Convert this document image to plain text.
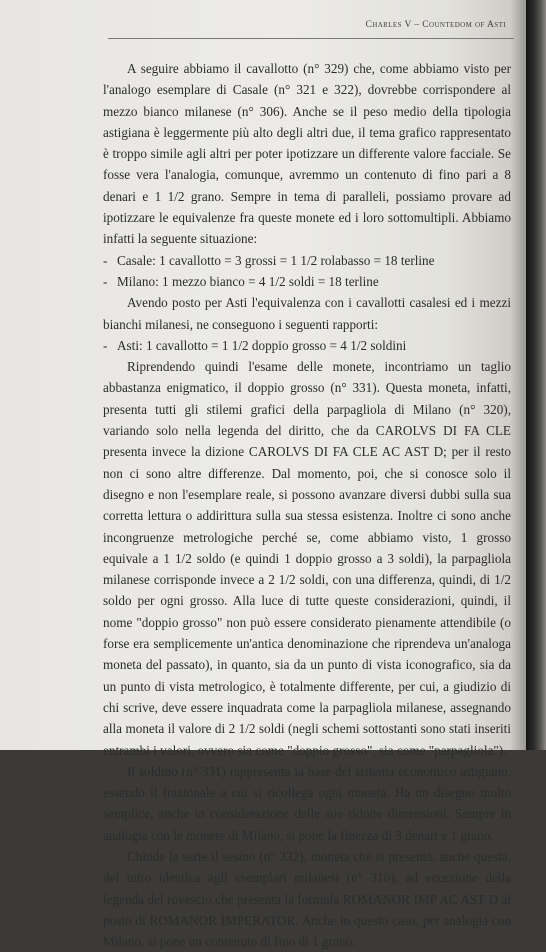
Charles V – Countedom of Asti

A seguire abbiamo il cavallotto (n° 329) che, come abbiamo visto per l'analogo esemplare di Casale (n° 321 e 322), dovrebbe corrispondere al mezzo bianco milanese (n° 306). Anche se il peso medio della tipologia astigiana è leggermente più alto degli altri due, il tema grafico rappresentato è troppo simile agli altri per poter ipotizzare un differente valore facciale. Se fosse vera l'analogia, comunque, avremmo un contenuto di fino pari a 8 denari e 1 1/2 grano. Sempre in tema di paralleli, possiamo provare ad ipotizzare le equivalenze fra queste monete ed i loro sottomultipli. Abbiamo infatti la seguente situazione:

- Casale: 1 cavallotto = 3 grossi = 1 1/2 rolabasso = 18 terline
- Milano: 1 mezzo bianco = 4 1/2 soldi = 18 terline

Avendo posto per Asti l'equivalenza con i cavallotti casalesi ed i mezzi bianchi milanesi, ne conseguono i seguenti rapporti:

- Asti: 1 cavallotto = 1 1/2 doppio grosso = 4 1/2 soldini

Riprendendo quindi l'esame delle monete, incontriamo un taglio abbastanza enigmatico, il doppio grosso (n° 331). Questa moneta, infatti, presenta tutti gli stilemi grafici della parpagliola di Milano (n° 320), variando solo nella legenda del diritto, che da CAROLVS DI FA CLE presenta invece la dizione CAROLVS DI FA CLE AC AST D; per il resto non ci sono altre differenze. Dal momento, poi, che si conosce solo il disegno e non l'esemplare reale, si possono avanzare diversi dubbi sulla sua corretta lettura o addirittura sulla sua stessa esistenza. Inoltre ci sono anche incongruenze metrologiche perché se, come abbiamo visto, 1 grosso equivale a 1 1/2 soldo (e quindi 1 doppio grosso a 3 soldi), la parpagliola milanese corrisponde invece a 2 1/2 soldi, con una differenza, quindi, di 1/2 soldo per ogni grosso. Alla luce di tutte queste considerazioni, quindi, il nome "doppio grosso" non può essere considerato pienamente attendibile (o forse era semplicemente un'antica denominazione che riprendeva un'analoga moneta del passato), in quanto, sia da un punto di vista iconografico, sia da un punto di vista metrologico, è totalmente differente, per cui, a giudizio di chi scrive, deve essere inquadrata come la parpagliola milanese, assegnando alla moneta il valore di 2 1/2 soldi (negli schemi sottostanti sono stati inseriti entrambi i valori, ovvero sia come "doppio grosso", sia come "parpagliola").

Il soldino (n° 331) rappresenta la base del sistema economico astigiano, essendo il frazionale a cui si ricollega ogni moneta. Ha un disegno molto semplice, anche in considerazione delle sue ridotte dimensioni. Sempre in analogia con le monete di Milano, si pone la finezza di 3 denari e 1 grano.

Chiude la serie il sesino (n° 332), moneta che si presenta, anche questa, del tutto identica agli esemplari milanesi (n° 310), ad eccezione della legenda del rovescio che presenta la formula ROMANOR IMP AC AST D al posto di ROMANOR IMPERATOR. Anche in questo caso, per analogia con Milano, si pone un contenuto di fino di 1 grano.
